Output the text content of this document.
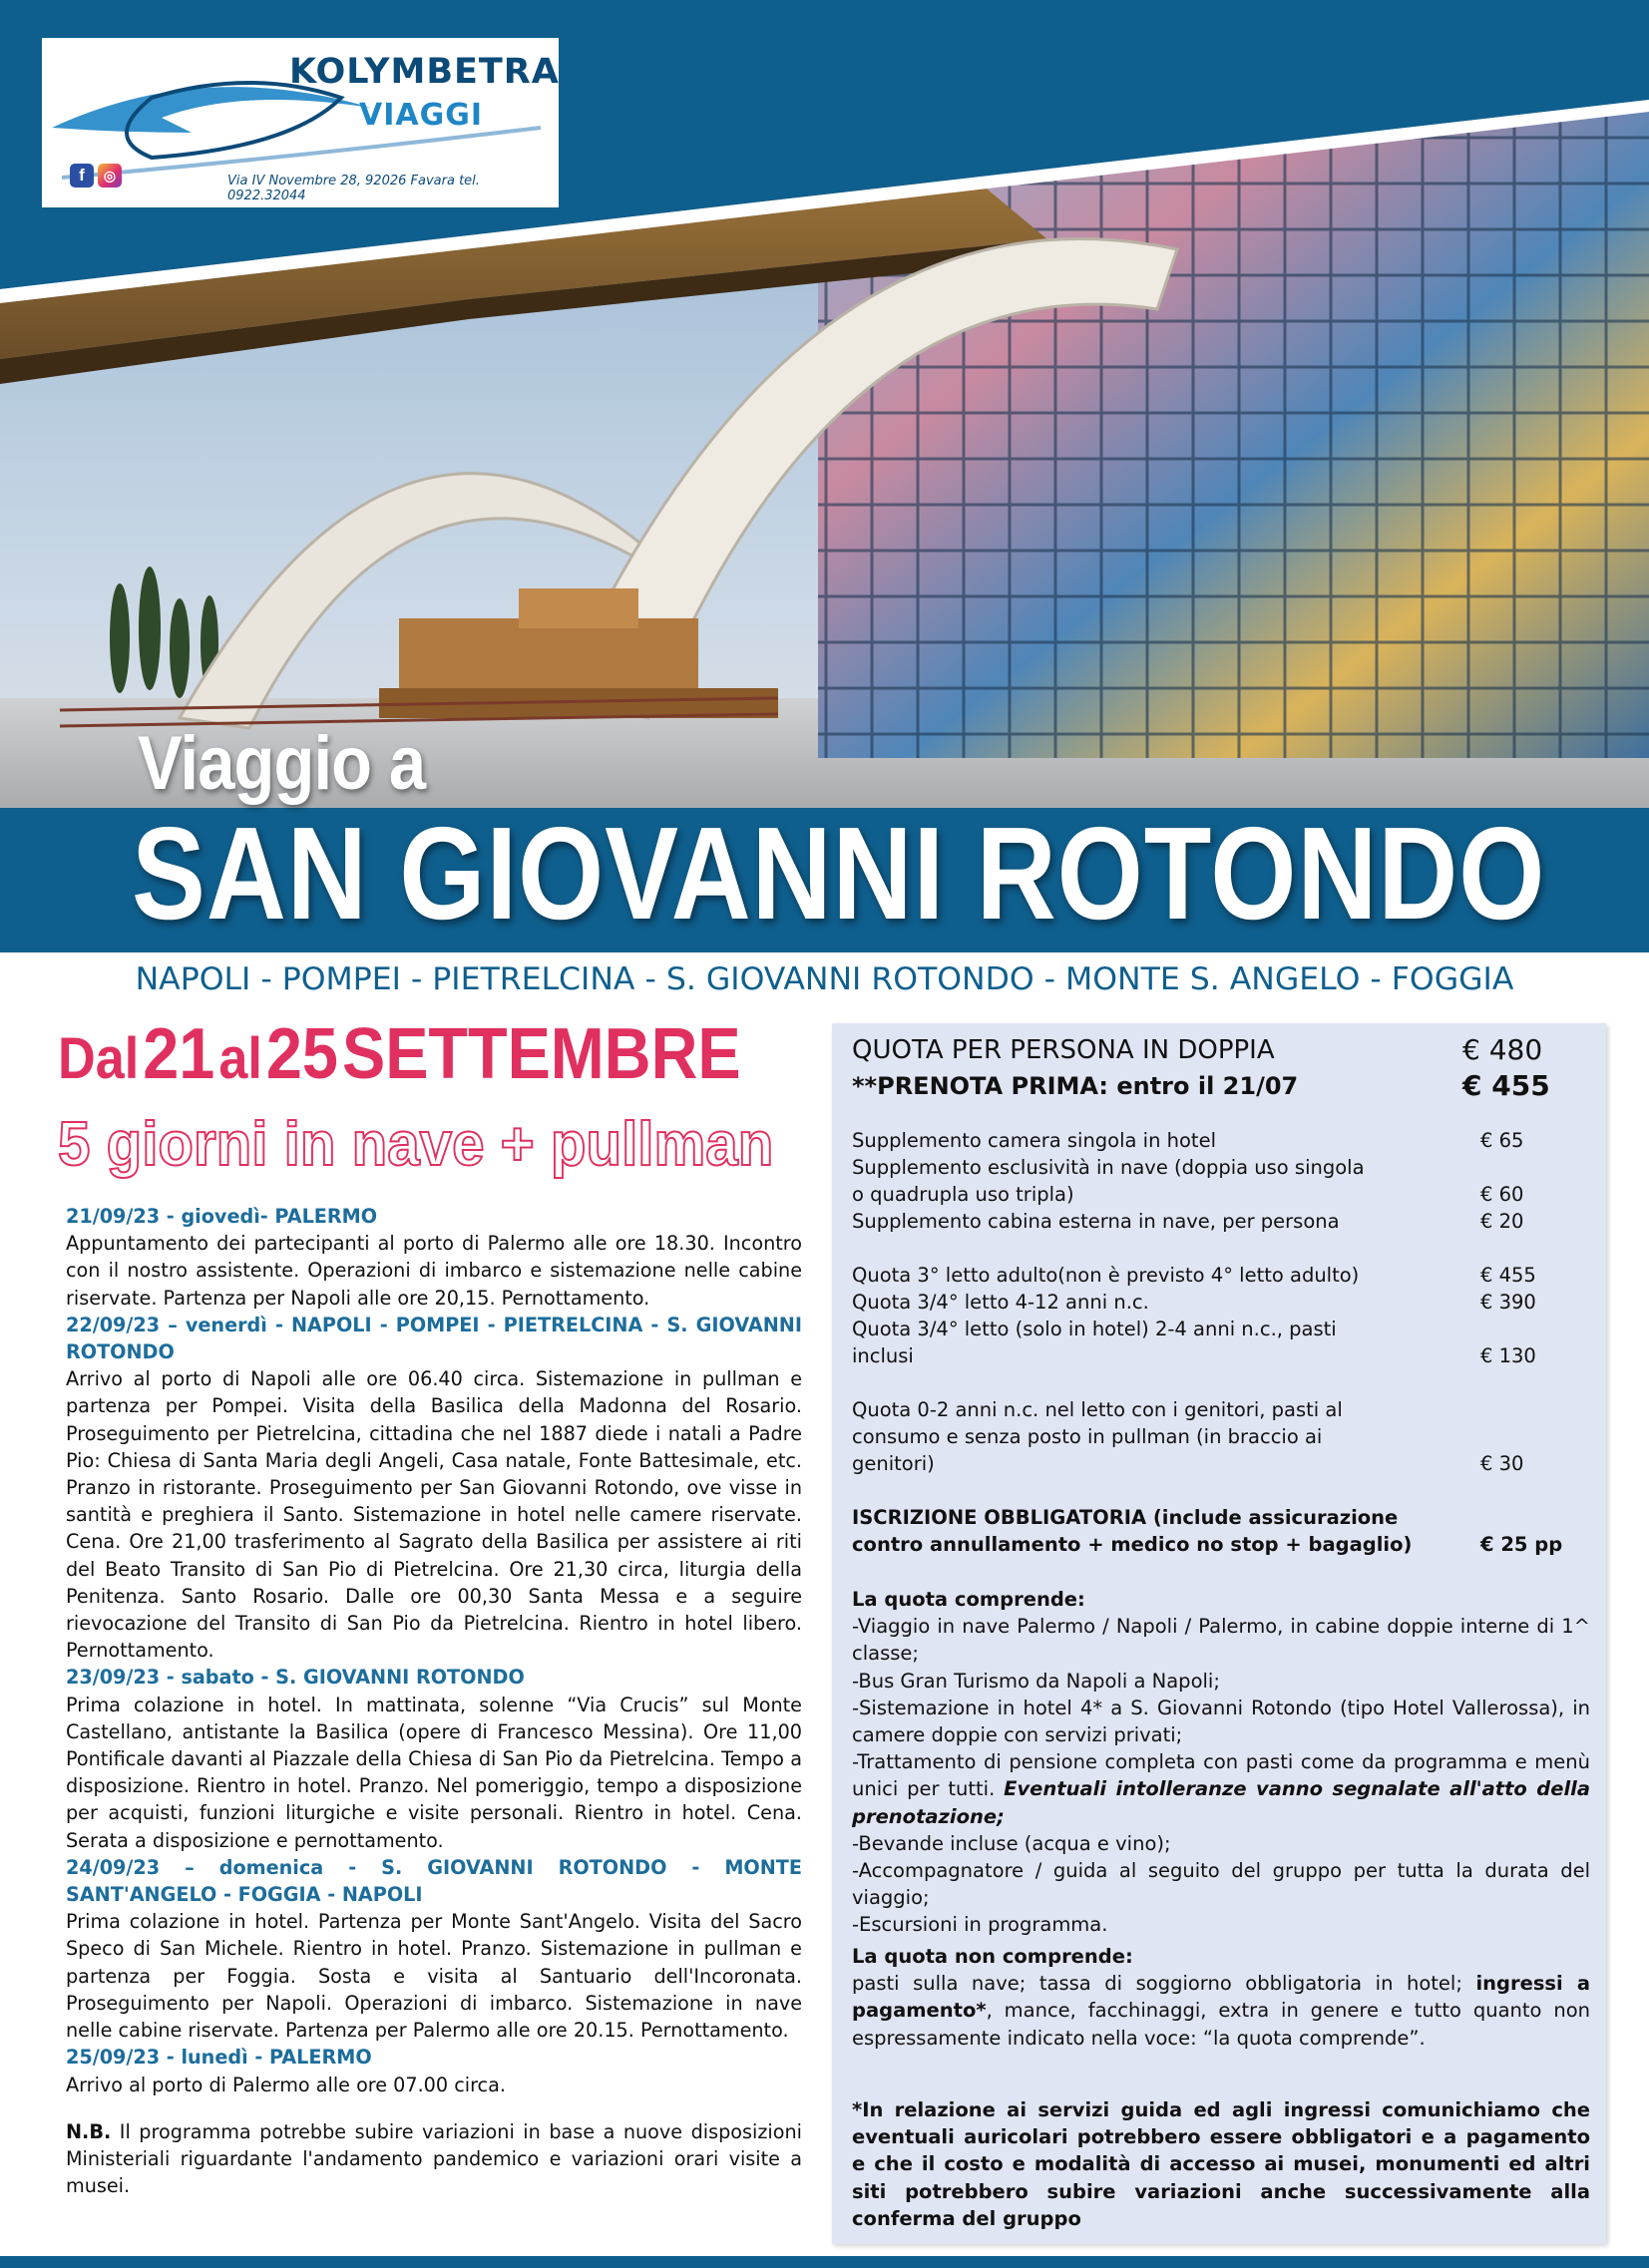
KOLYMBETRA
VIAGGI
Via IV Novembre 28, 92026 Favara tel. 0922.32044
f	◎
Viaggio a
SAN GIOVANNI ROTONDO
NAPOLI - POMPEI - PIETRELCINA - S. GIOVANNI ROTONDO - MONTE S. ANGELO - FOGGIA
Dal 21 al 25 SETTEMBRE
5 giorni in nave + pullman
21/09/23 - giovedì- PALERMO
Appuntamento dei partecipanti al porto di Palermo alle ore 18.30. Incontro con il nostro assistente. Operazioni di imbarco e sistemazione nelle cabine riservate. Partenza per Napoli alle ore 20,15. Pernottamento.
22/09/23 – venerdì - NAPOLI - POMPEI - PIETRELCINA - S. GIOVANNI ROTONDO
Arrivo al porto di Napoli alle ore 06.40 circa. Sistemazione in pullman e partenza per Pompei. Visita della Basilica della Madonna del Rosario. Proseguimento per Pietrelcina, cittadina che nel 1887 diede i natali a Padre Pio: Chiesa di Santa Maria degli Angeli, Casa natale, Fonte Battesimale, etc. Pranzo in ristorante. Proseguimento per San Giovanni Rotondo, ove visse in santità e preghiera il Santo. Sistemazione in hotel nelle camere riservate. Cena. Ore 21,00 trasferimento al Sagrato della Basilica per assistere ai riti del Beato Transito di San Pio di Pietrelcina. Ore 21,30 circa, liturgia della Penitenza. Santo Rosario. Dalle ore 00,30 Santa Messa e a seguire rievocazione del Transito di San Pio da Pietrelcina. Rientro in hotel libero. Pernottamento.
23/09/23 - sabato - S. GIOVANNI ROTONDO
Prima colazione in hotel. In mattinata, solenne “Via Crucis” sul Monte Castellano, antistante la Basilica (opere di Francesco Messina). Ore 11,00 Pontificale davanti al Piazzale della Chiesa di San Pio da Pietrelcina. Tempo a disposizione. Rientro in hotel. Pranzo. Nel pomeriggio, tempo a disposizione per acquisti, funzioni liturgiche e visite personali. Rientro in hotel. Cena. Serata a disposizione e pernottamento.
24/09/23 – domenica - S. GIOVANNI ROTONDO - MONTE SANT'ANGELO - FOGGIA - NAPOLI
Prima colazione in hotel. Partenza per Monte Sant'Angelo. Visita del Sacro Speco di San Michele. Rientro in hotel. Pranzo. Sistemazione in pullman e partenza per Foggia. Sosta e visita al Santuario dell'Incoronata. Proseguimento per Napoli. Operazioni di imbarco. Sistemazione in nave nelle cabine riservate. Partenza per Palermo alle ore 20.15. Pernottamento.
25/09/23 - lunedì - PALERMO
Arrivo al porto di Palermo alle ore 07.00 circa.
N.B. Il programma potrebbe subire variazioni in base a nuove disposizioni Ministeriali riguardante l'andamento pandemico e variazioni orari visite a musei.
QUOTA PER PERSONA IN DOPPIA	€ 480
**PRENOTA PRIMA: entro il 21/07	€ 455
Supplemento camera singola in hotel	€ 65
Supplemento esclusività in nave (doppia uso singola o quadrupla uso tripla)	€ 60
Supplemento cabina esterna in nave, per persona	€ 20
Quota 3° letto adulto(non è previsto 4° letto adulto)	€ 455
Quota 3/4° letto 4-12 anni n.c.	€ 390
Quota 3/4° letto (solo in hotel) 2-4 anni n.c., pasti inclusi	€ 130
Quota 0-2 anni n.c. nel letto con i genitori, pasti al consumo e senza posto in pullman (in braccio ai genitori)	€ 30
ISCRIZIONE OBBLIGATORIA (include assicurazione contro annullamento + medico no stop + bagaglio)	€ 25 pp
La quota comprende:
-Viaggio in nave Palermo / Napoli / Palermo, in cabine doppie interne di 1^ classe;
-Bus Gran Turismo da Napoli a Napoli;
-Sistemazione in hotel 4* a S. Giovanni Rotondo (tipo Hotel Vallerossa), in camere doppie con servizi privati;
-Trattamento di pensione completa con pasti come da programma e menù unici per tutti. Eventuali intolleranze vanno segnalate all'atto della prenotazione;
-Bevande incluse (acqua e vino);
-Accompagnatore / guida al seguito del gruppo per tutta la durata del viaggio;
-Escursioni in programma.
La quota non comprende:
pasti sulla nave; tassa di soggiorno obbligatoria in hotel; ingressi a pagamento*, mance, facchinaggi, extra in genere e tutto quanto non espressamente indicato nella voce: “la quota comprende”.
*In relazione ai servizi guida ed agli ingressi comunichiamo che eventuali auricolari potrebbero essere obbligatori e a pagamento e che il costo e modalità di accesso ai musei, monumenti ed altri siti potrebbero subire variazioni anche successivamente alla conferma del gruppo
